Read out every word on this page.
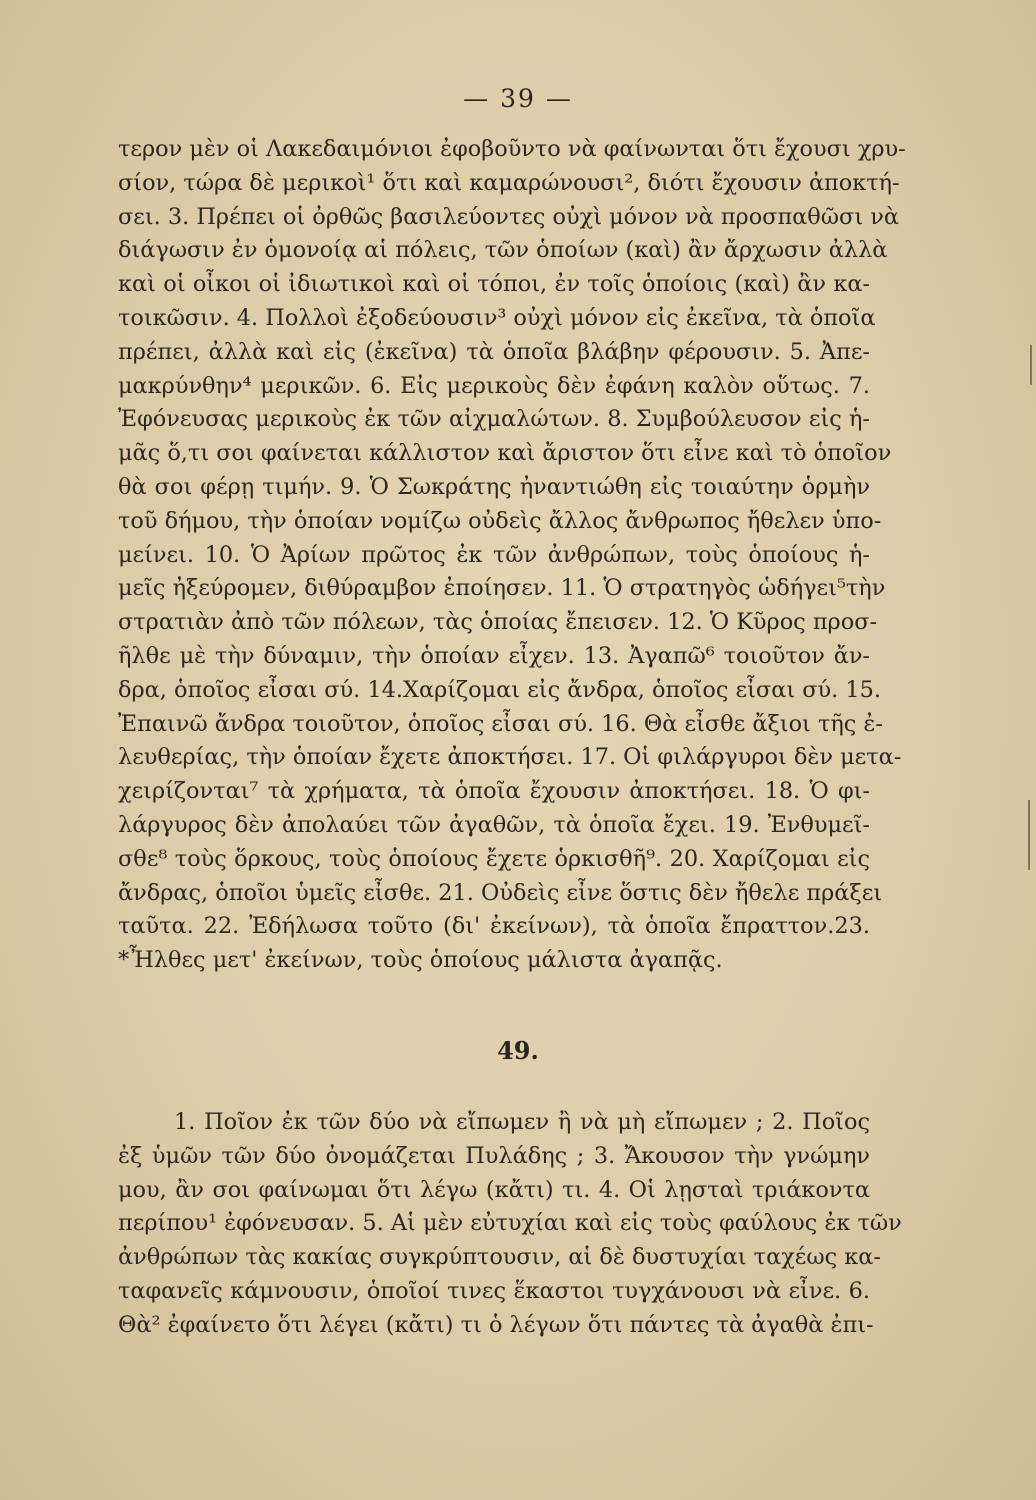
— 39 —
τερον μὲν οἱ Λακεδαιμόνιοι ἐφοβοῦντο νὰ φαίνωνται ὅτι ἔχουσι χρυ-
σίον, τώρα δὲ μερικοὶ¹ ὅτι καὶ καμαρώνουσι², διότι ἔχουσιν ἀποκτή-
σει. 3. Πρέπει οἱ ὀρθῶς βασιλεύοντες οὐχὶ μόνον νὰ προσπαθῶσι νὰ
διάγωσιν ἐν ὁμονοίᾳ αἱ πόλεις, τῶν ὁποίων (καὶ) ἂν ἄρχωσιν ἀλλὰ
καὶ οἱ οἶκοι οἱ ἰδιωτικοὶ καὶ οἱ τόποι, ἐν τοῖς ὁποίοις (καὶ) ἂν κα-
τοικῶσιν. 4. Πολλοὶ ἐξοδεύουσιν³ οὐχὶ μόνον εἰς ἐκεῖνα, τὰ ὁποῖα
πρέπει, ἀλλὰ καὶ εἰς (ἐκεῖνα) τὰ ὁποῖα βλάβην φέρουσιν. 5. Ἀπε-
μακρύνθην⁴ μερικῶν. 6. Εἰς μερικοὺς δὲν ἐφάνη καλὸν οὕτως. 7.
Ἐφόνευσας μερικοὺς ἐκ τῶν αἰχμαλώτων. 8. Συμβούλευσον εἰς ἡ-
μᾶς ὅ,τι σοι φαίνεται κάλλιστον καὶ ἄριστον ὅτι εἶνε καὶ τὸ ὁποῖον
θὰ σοι φέρῃ τιμήν. 9. Ὁ Σωκράτης ἠναντιώθη εἰς τοιαύτην ὁρμὴν
τοῦ δήμου, τὴν ὁποίαν νομίζω οὐδεὶς ἄλλος ἄνθρωπος ἤθελεν ὑπο-
μείνει. 10. Ὁ Ἀρίων πρῶτος ἐκ τῶν ἀνθρώπων, τοὺς ὁποίους ἡ-
μεῖς ἠξεύρομεν, διθύραμβον ἐποίησεν. 11. Ὁ στρατηγὸς ὡδήγει⁵τὴν
στρατιὰν ἀπὸ τῶν πόλεων, τὰς ὁποίας ἔπεισεν. 12. Ὁ Κῦρος προσ-
ῆλθε μὲ τὴν δύναμιν, τὴν ὁποίαν εἶχεν. 13. Ἀγαπῶ⁶ τοιοῦτον ἄν-
δρα, ὁποῖος εἶσαι σύ. 14.Χαρίζομαι εἰς ἄνδρα, ὁποῖος εἶσαι σύ. 15.
Ἐπαινῶ ἄνδρα τοιοῦτον, ὁποῖος εἶσαι σύ. 16. Θὰ εἶσθε ἄξιοι τῆς ἐ-
λευθερίας, τὴν ὁποίαν ἔχετε ἀποκτήσει. 17. Οἱ φιλάργυροι δὲν μετα-
χειρίζονται⁷ τὰ χρήματα, τὰ ὁποῖα ἔχουσιν ἀποκτήσει. 18. Ὁ φι-
λάργυρος δὲν ἀπολαύει τῶν ἀγαθῶν, τὰ ὁποῖα ἔχει. 19. Ἐνθυμεῖ-
σθε⁸ τοὺς ὅρκους, τοὺς ὁποίους ἔχετε ὁρκισθῆ⁹. 20. Χαρίζομαι εἰς
ἄνδρας, ὁποῖοι ὑμεῖς εἶσθε. 21. Οὐδεὶς εἶνε ὅστις δὲν ἤθελε πράξει
ταῦτα. 22. Ἐδήλωσα τοῦτο (δι' ἐκείνων), τὰ ὁποῖα ἔπραττον.23.
*Ἦλθες μετ' ἐκείνων, τοὺς ὁποίους μάλιστα ἀγαπᾷς.
49.
1. Ποῖον ἐκ τῶν δύο νὰ εἴπωμεν ἢ νὰ μὴ εἴπωμεν ; 2. Ποῖος
ἐξ ὑμῶν τῶν δύο ὀνομάζεται Πυλάδης ; 3. Ἄκουσον τὴν γνώμην
μου, ἂν σοι φαίνωμαι ὅτι λέγω (κἄτι) τι. 4. Οἱ λῃσταὶ τριάκοντα
περίπου¹ ἐφόνευσαν. 5. Αἱ μὲν εὐτυχίαι καὶ εἰς τοὺς φαύλους ἐκ τῶν
ἀνθρώπων τὰς κακίας συγκρύπτουσιν, αἱ δὲ δυστυχίαι ταχέως κα-
ταφανεῖς κάμνουσιν, ὁποῖοί τινες ἕκαστοι τυγχάνουσι νὰ εἶνε. 6.
Θὰ² ἐφαίνετο ὅτι λέγει (κἄτι) τι ὁ λέγων ὅτι πάντες τὰ ἀγαθὰ ἐπι-
